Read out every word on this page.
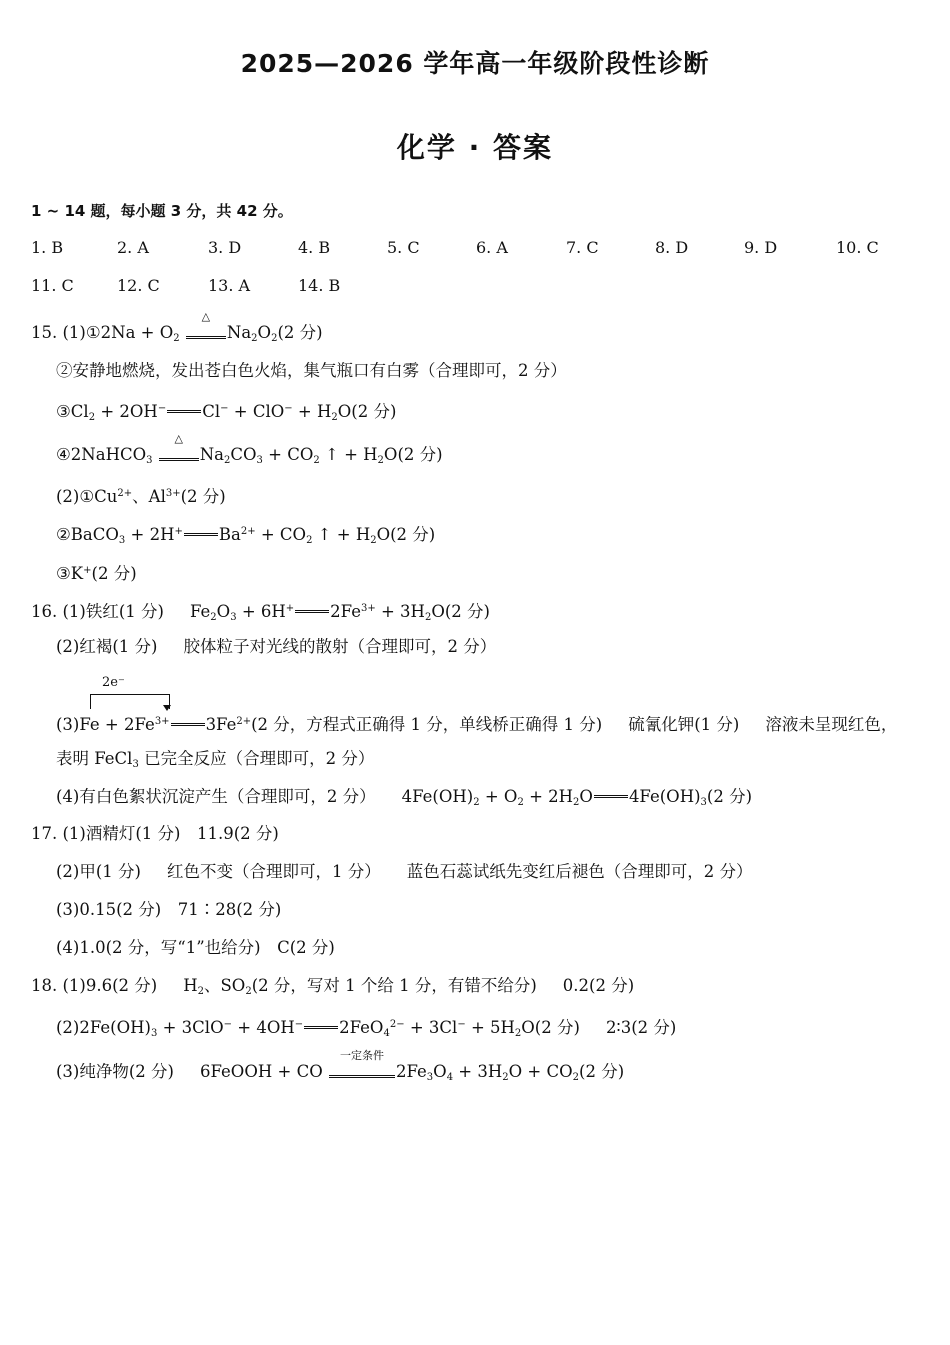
2025—2026 学年高一年级阶段性诊断
化学 · 答案
1 ~ 14 题，每小题 3 分，共 42 分。
1. B	2. A	3. D	4. B	5. C	6. A	7. C	8. D	9. D	10. C
11. C	12. C	13. A	14. B
15. (1)①2Na + $O_2$
△
$Na_2O_2(2$ 分)
②安静地燃烧，发出苍白色火焰，集气瓶口有白雾（合理即可，2 分）
$③Cl_2 + 2OH^-$ $Cl^- + ClO^- + H_2O(2$ 分)
④2NaHCO$_3$
△
$Na_2CO_3 + CO_2$ ↑ + $H_2O(2$ 分)
$(2)①Cu^{2+}$、$Al^{3+}(2$ 分)
②BaCO$_3$ + 2H+ $Ba^{2+} + CO_2$ ↑ + $H_2O(2$ 分)
③K+(2 分)
16. (1)铁红(1 分) $Fe_2O_3 + 6H^+$ $2Fe^{3+} + 3H_2O(2$ 分)
(2)红褐(1 分) 胶体粒子对光线的散射（合理即可，2 分）
2e⁻
$(3)Fe + 2Fe^{3+}$ $3Fe^{2+}(2$ 分，方程式正确得 1 分，单线桥正确得 1 分) 硫氰化钾(1 分) 溶液未呈现红色，
表明 FeCl$_3$ 已完全反应（合理即可，2 分）
(4)有白色絮状沉淀产生（合理即可，2 分） $4Fe(OH)_2 + O_2 + 2H_2O$ $4Fe(OH)_3(2$ 分)
17. (1)酒精灯(1 分)　11.9(2 分)
(2)甲(1 分) 红色不变（合理即可，1 分） 蓝色石蕊试纸先变红后褪色（合理即可，2 分）
(3)0.15(2 分)　71∶28(2 分)
(4)1.0(2 分，写“1”也给分)　C(2 分)
18. (1)9.6(2 分) $H_2$、$SO_2(2$ 分，写对 1 个给 1 分，有错不给分) 0.2(2 分)
$(2)2Fe(OH)_3 + 3ClO^- + 4OH^-$ $2FeO_4^{2-} + 3Cl^- + 5H_2O(2$ 分) 2∶3(2 分)
(3)纯净物(2 分) 6FeOOH + CO
一定条件
$2Fe_3O_4 + 3H_2O + CO_2(2$ 分)
